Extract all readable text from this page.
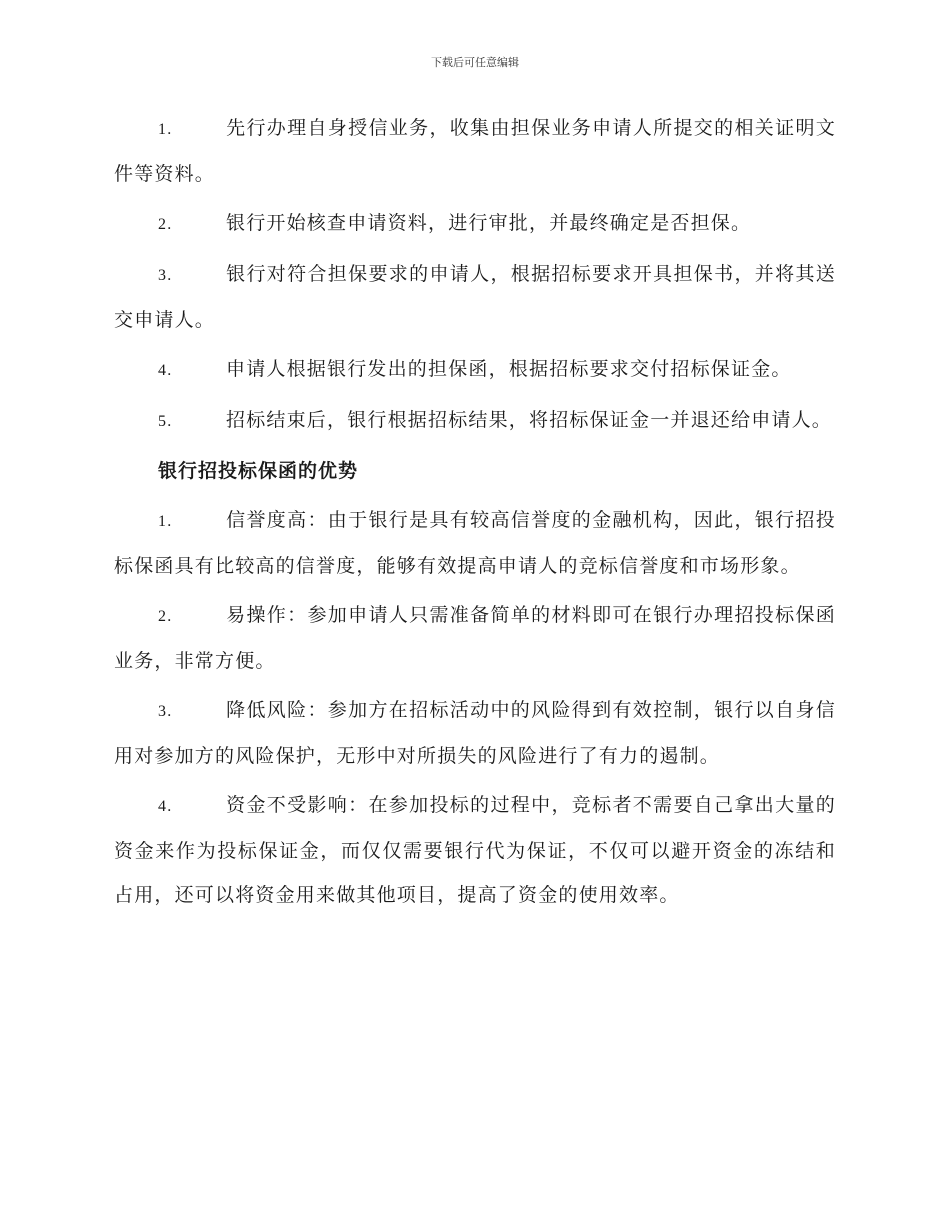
下载后可任意编辑

1.	先行办理自身授信业务，收集由担保业务申请人所提交的相关证明文件等资料。

2.	银行开始核查申请资料，进行审批，并最终确定是否担保。

3.	银行对符合担保要求的申请人，根据招标要求开具担保书，并将其送交申请人。

4.	申请人根据银行发出的担保函，根据招标要求交付招标保证金。

5.	招标结束后，银行根据招标结果，将招标保证金一并退还给申请人。

银行招投标保函的优势

1.	信誉度高：由于银行是具有较高信誉度的金融机构，因此，银行招投标保函具有比较高的信誉度，能够有效提高申请人的竞标信誉度和市场形象。

2.	易操作：参加申请人只需准备简单的材料即可在银行办理招投标保函业务，非常方便。

3.	降低风险：参加方在招标活动中的风险得到有效控制，银行以自身信用对参加方的风险保护，无形中对所损失的风险进行了有力的遏制。

4.	资金不受影响：在参加投标的过程中，竞标者不需要自己拿出大量的资金来作为投标保证金，而仅仅需要银行代为保证，不仅可以避开资金的冻结和占用，还可以将资金用来做其他项目，提高了资金的使用效率。
